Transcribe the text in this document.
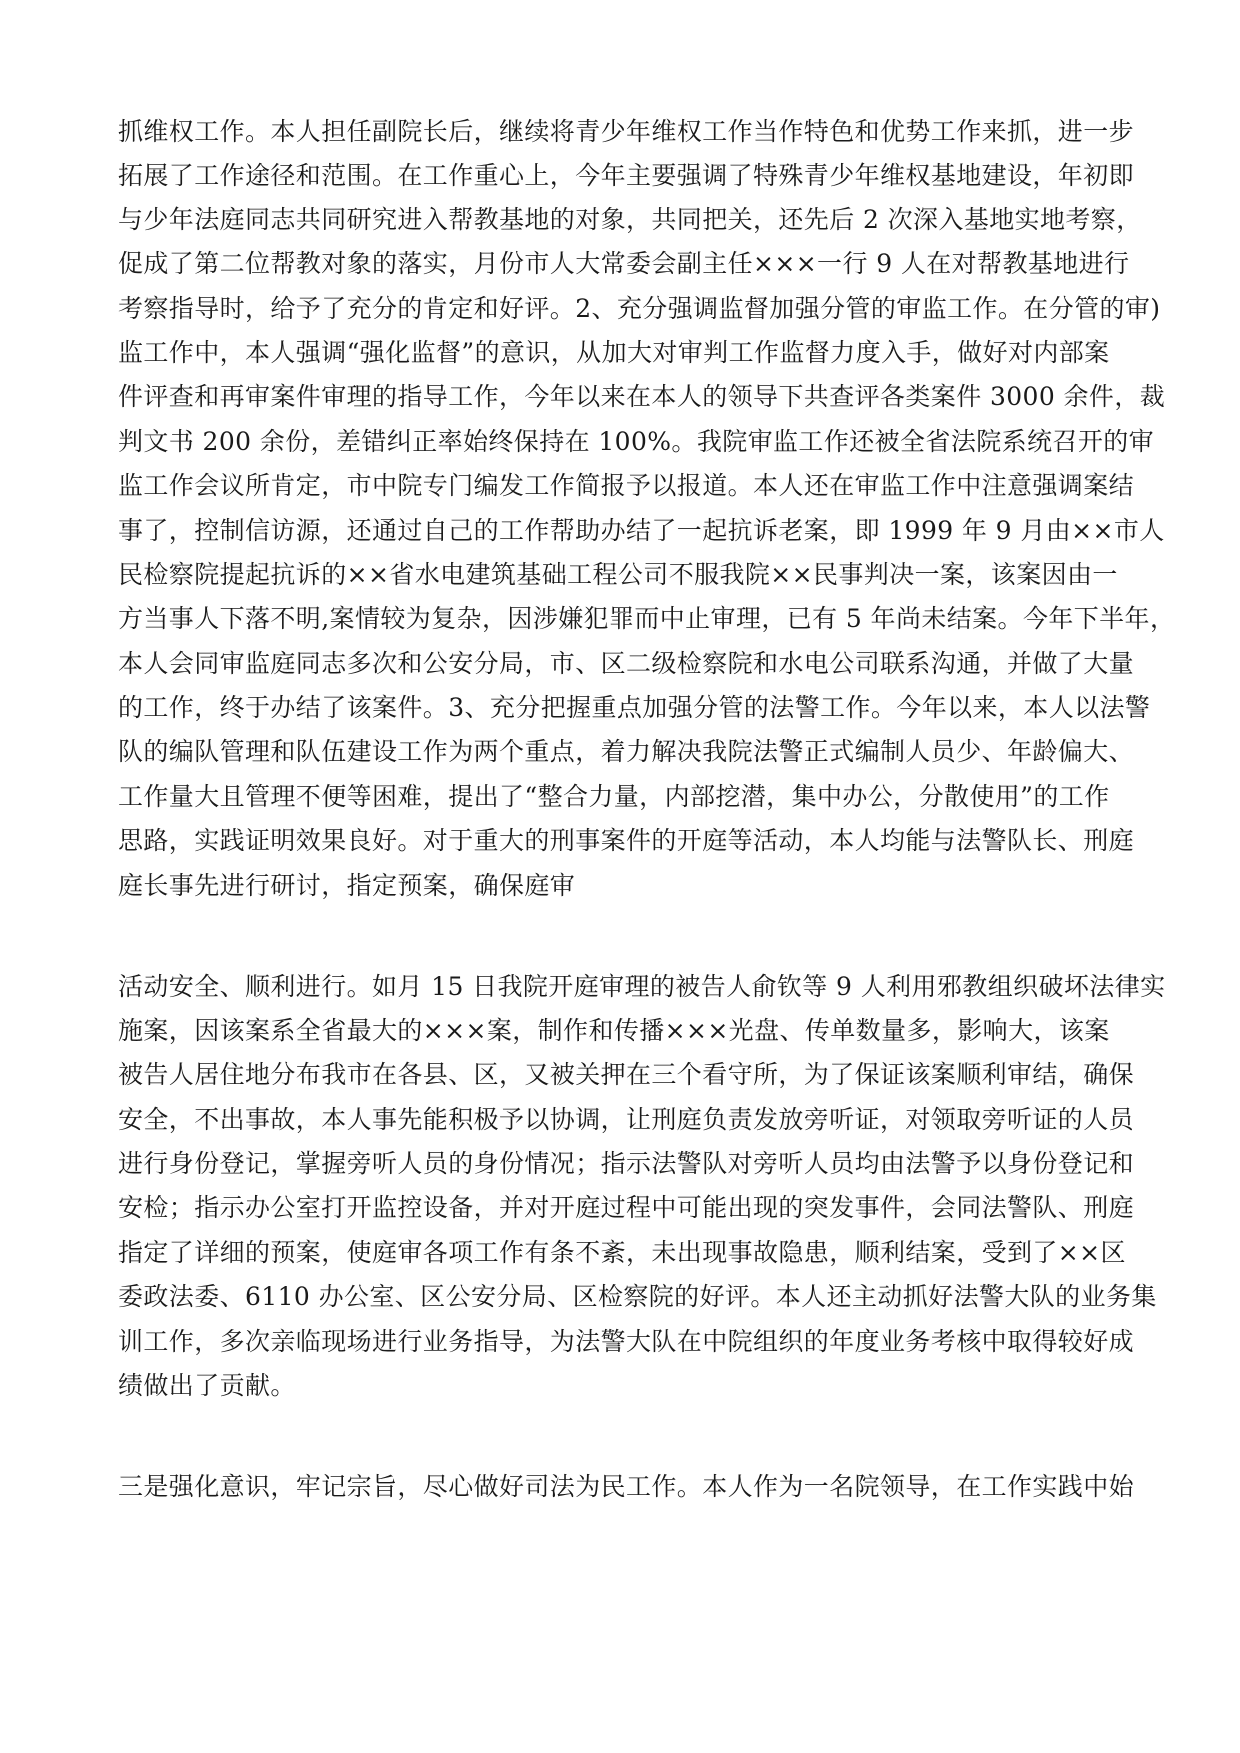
抓维权工作。本人担任副院长后，继续将青少年维权工作当作特色和优势工作来抓，进一步

拓展了工作途径和范围。在工作重心上，今年主要强调了特殊青少年维权基地建设，年初即

与少年法庭同志共同研究进入帮教基地的对象，共同把关，还先后 2 次深入基地实地考察，

促成了第二位帮教对象的落实，月份市人大常委会副主任×××一行 9 人在对帮教基地进行

考察指导时，给予了充分的肯定和好评。2、充分强调监督加强分管的审监工作。在分管的审)

监工作中，本人强调“强化监督”的意识，从加大对审判工作监督力度入手，做好对内部案

件评查和再审案件审理的指导工作，今年以来在本人的领导下共查评各类案件 3000 余件，裁

判文书 200 余份，差错纠正率始终保持在 100%。我院审监工作还被全省法院系统召开的审

监工作会议所肯定，市中院专门编发工作简报予以报道。本人还在审监工作中注意强调案结

事了，控制信访源，还通过自己的工作帮助办结了一起抗诉老案，即 1999 年 9 月由××市人

民检察院提起抗诉的××省水电建筑基础工程公司不服我院××民事判决一案，该案因由一

方当事人下落不明,案情较为复杂，因涉嫌犯罪而中止审理，已有 5 年尚未结案。今年下半年，

本人会同审监庭同志多次和公安分局，市、区二级检察院和水电公司联系沟通，并做了大量

的工作，终于办结了该案件。3、充分把握重点加强分管的法警工作。今年以来，本人以法警

队的编队管理和队伍建设工作为两个重点，着力解决我院法警正式编制人员少、年龄偏大、

工作量大且管理不便等困难，提出了“整合力量，内部挖潜，集中办公，分散使用”的工作

思路，实践证明效果良好。对于重大的刑事案件的开庭等活动，本人均能与法警队长、刑庭

庭长事先进行研讨，指定预案，确保庭审

活动安全、顺利进行。如月 15 日我院开庭审理的被告人俞钦等 9 人利用邪教组织破坏法律实

施案，因该案系全省最大的×××案，制作和传播×××光盘、传单数量多，影响大，该案

被告人居住地分布我市在各县、区，又被关押在三个看守所，为了保证该案顺利审结，确保

安全，不出事故，本人事先能积极予以协调，让刑庭负责发放旁听证，对领取旁听证的人员

进行身份登记，掌握旁听人员的身份情况；指示法警队对旁听人员均由法警予以身份登记和

安检；指示办公室打开监控设备，并对开庭过程中可能出现的突发事件，会同法警队、刑庭

指定了详细的预案，使庭审各项工作有条不紊，未出现事故隐患，顺利结案，受到了××区

委政法委、6110 办公室、区公安分局、区检察院的好评。本人还主动抓好法警大队的业务集

训工作，多次亲临现场进行业务指导，为法警大队在中院组织的年度业务考核中取得较好成

绩做出了贡献。

三是强化意识，牢记宗旨，尽心做好司法为民工作。本人作为一名院领导，在工作实践中始
